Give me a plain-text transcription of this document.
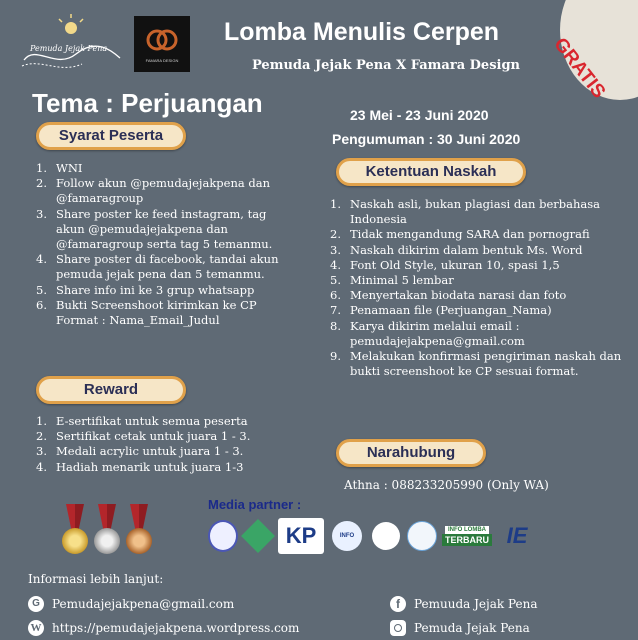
Pemuda Jejak Pena
FAMARA DESIGN
Lomba Menulis Cerpen
Pemuda Jejak Pena X Famara Design GRATIS
Tema : Perjuangan	23 Mei - 23 Juni 2020
Pengumuman : 30 Juni 2020
Syarat Peserta
1. WNI
2. Follow akun @pemudajejakpena dan @famaragroup
3. Share poster ke feed instagram, tag akun @pemudajejakpena dan @famaragroup serta tag 5 temanmu.
4. Share poster di facebook, tandai akun pemuda jejak pena dan 5 temanmu.
5. Share info ini ke 3 grup whatsapp
6. Bukti Screenshoot kirimkan ke CP Format : Nama_Email_Judul
Reward
1. E-sertifikat untuk semua peserta
2. Sertifikat cetak untuk juara 1 - 3.
3. Medali acrylic untuk juara 1 - 3.
4. Hadiah menarik untuk juara 1-3
Ketentuan Naskah
1. Naskah asli, bukan plagiasi dan berbahasa Indonesia
2. Tidak mengandung SARA dan pornografi
3. Naskah dikirim dalam bentuk Ms. Word
4. Font Old Style, ukuran 10, spasi 1,5
5. Minimal 5 lembar
6. Menyertakan biodata narasi dan foto
7. Penamaan file (Perjuangan_Nama)
8. Karya dikirim melalui email : pemudajejakpena@gmail.com
9. Melakukan konfirmasi pengiriman naskah dan bukti screenshoot ke CP sesuai format.
Narahubung
Athna : 088233205990 (Only WA)
Media partner :
KP	INFO
INFO LOMBA
TERBARU IE
Informasi lebih lanjut:
G	Pemudajejakpena@gmail.com
W https://pemudajejakpena.wordpress.com
f	Pemuuda Jejak Pena
Pemuda Jejak Pena
